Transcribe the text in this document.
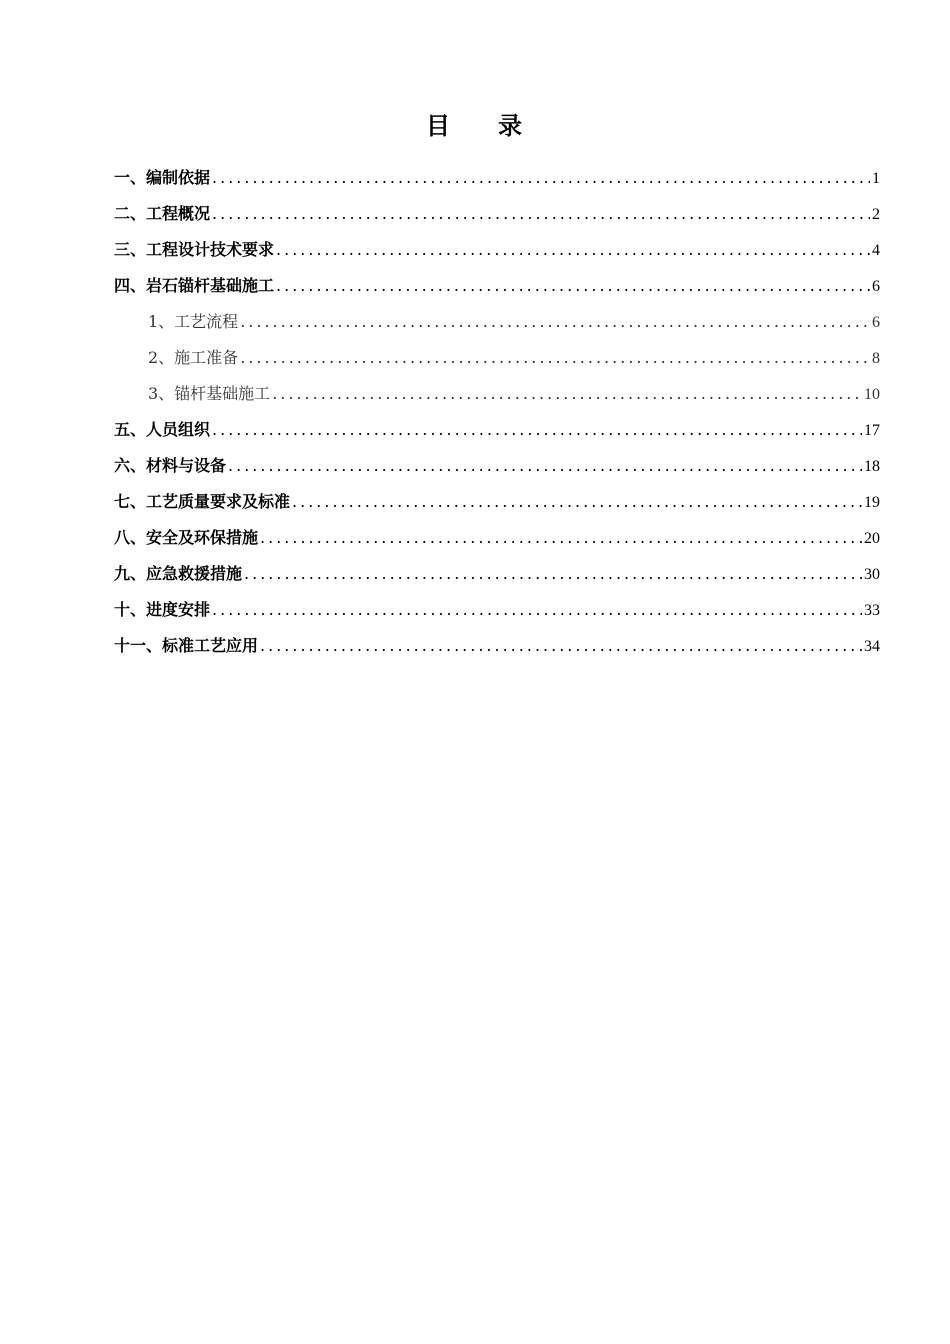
目 录
一、编制依据 .....	1
二、工程概况 .....	2
三、工程设计技术要求 .....	4
四、岩石锚杆基础施工 .....	6
1、工艺流程 .....	6
2、施工准备 .....	8
3、锚杆基础施工 .....	10
五、人员组织 .....	17
六、材料与设备 .....	18
七、工艺质量要求及标准 .....	19
八、安全及环保措施 .....	20
九、应急救援措施 .....	30
十、进度安排 .....	33
十一、标准工艺应用 .....	34
